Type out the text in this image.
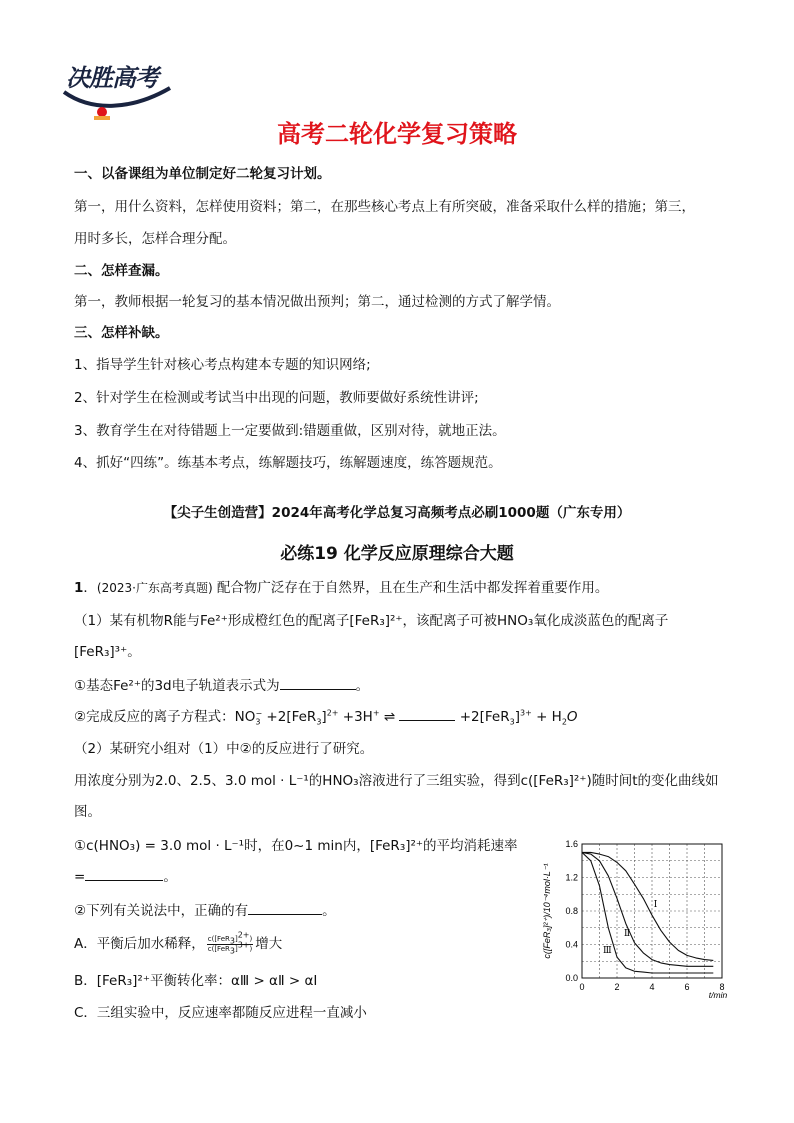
决胜高考
高考二轮化学复习策略
一、以备课组为单位制定好二轮复习计划。
第一，用什么资料，怎样使用资料；第二，在那些核心考点上有所突破，准备采取什么样的措施；第三，
用时多长，怎样合理分配。
二、怎样查漏。
第一，教师根据一轮复习的基本情况做出预判；第二，通过检测的方式了解学情。
三、怎样补缺。
1、指导学生针对核心考点构建本专题的知识网络;
2、针对学生在检测或考试当中出现的问题，教师要做好系统性讲评;
3、教育学生在对待错题上一定要做到:错题重做，区别对待，就地正法。
4、抓好“四练”。练基本考点，练解题技巧，练解题速度，练答题规范。
【尖子生创造营】2024年高考化学总复习高频考点必刷1000题（广东专用）
必练19 化学反应原理综合大题
1．(2023·广东高考真题) 配合物广泛存在于自然界，且在生产和生活中都发挥着重要作用。
（1）某有机物R能与Fe²⁺形成橙红色的配离子[FeR₃]²⁺，该配离子可被HNO₃氧化成淡蓝色的配离子
[FeR₃]³⁺。
①基态Fe²⁺的3d电子轨道表示式为	。
②完成反应的离子方程式：$NO_3^- +2[FeR_3]^{2+} +3H^+$ ⇌	$+2[FeR_3]^{3+} + H_2O$
（2）某研究小组对（1）中②的反应进行了研究。
用浓度分别为2.0、2.5、3.0 mol · L⁻¹的HNO₃溶液进行了三组实验，得到c([FeR₃]²⁺)随时间t的变化曲线如
图。
①c(HNO₃) = 3.0 mol · L⁻¹时，在0~1 min内，[FeR₃]²⁺的平均消耗速率
=	。
②下列有关说法中，正确的有	。
A．平衡后加水稀释， $\frac{c([FeR_3]^{2+})}{c([FeR_3]^{3+})}$ 增大
B．[FeR₃]²⁺平衡转化率：αⅢ > αⅡ > αⅠ
C．三组实验中，反应速率都随反应进程一直减小
0	2	4	6	8
0.0
0.4
0.8
1.2
1.6
t/min
c([FeR₃]²⁺)/10⁻⁴mol·L⁻¹	Ⅰ
Ⅱ
Ⅲ
